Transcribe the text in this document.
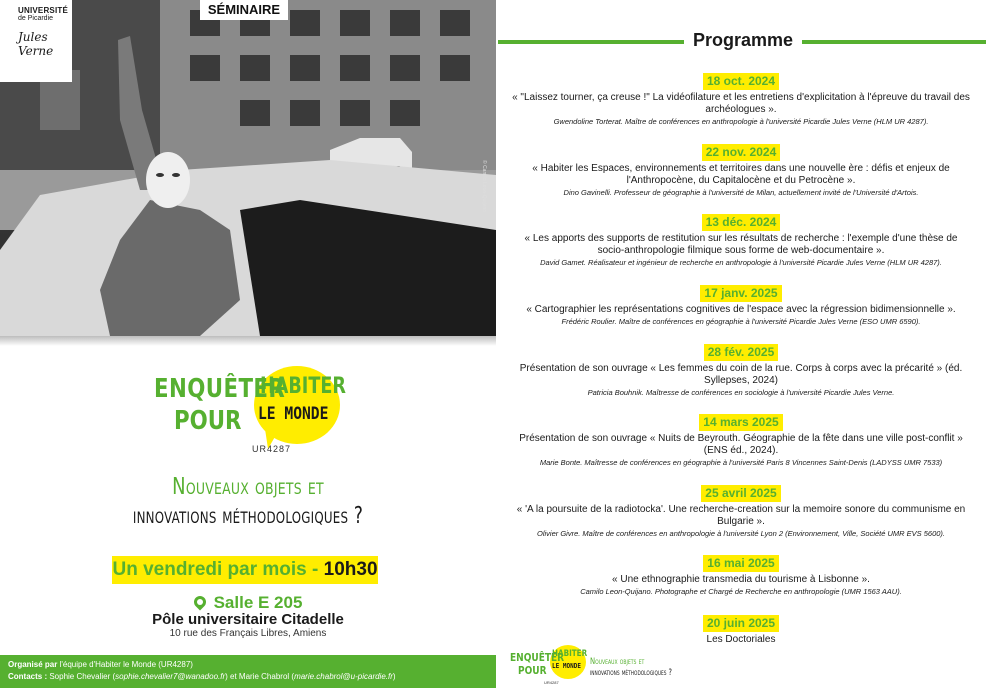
UNIVERSITÉ
de Picardie
Jules Verne
SÉMINAIRE
© Camilo Leon-Quijano
ENQUÊTER
POUR
HABITER
LE MONDE
UR4287
Nouveaux objets et
innovations méthodologiques ?
Un vendredi par mois - 10h30
Salle E 205
Pôle universitaire Citadelle
10 rue des Français Libres, Amiens
Organisé par l'équipe d'Habiter le Monde (UR4287)
Contacts : Sophie Chevalier (sophie.chevalier7@wanadoo.fr) et Marie Chabrol (marie.chabrol@u-picardie.fr)
Programme
18 oct. 2024
« "Laissez tourner, ça creuse !" La vidéofilature et les entretiens d'explicitation à l'épreuve du travail des archéologues ».
Gwendoline Torterat. Maître de conférences en anthropologie à l'université Picardie Jules Verne (HLM UR 4287).
22 nov. 2024
« Habiter les Espaces, environnements et territoires dans une nouvelle ère : défis et enjeux de l'Anthropocène, du Capitalocène et du Petrocène ».
Dino Gavinelli. Professeur de géographie à l'université de Milan, actuellement invité de l'Université d'Artois.
13 déc. 2024
« Les apports des supports de restitution sur les résultats de recherche : l'exemple d'une thèse de socio-anthropologie filmique sous forme de web-documentaire ».
David Gamet. Réalisateur et ingénieur de recherche en anthropologie à l'université Picardie Jules Verne (HLM UR 4287).
17 janv. 2025
« Cartographier les représentations cognitives de l'espace avec la régression bidimensionnelle ».
Frédéric Roulier. Maître de conférences en géographie à l'université Picardie Jules Verne (ESO UMR 6590).
28 fév. 2025
Présentation de son ouvrage « Les femmes du coin de la rue. Corps à corps avec la précarité » (éd. Syllepses, 2024)
Patricia Bouhnik. Maîtresse de conférences en sociologie à l'université Picardie Jules Verne.
14 mars 2025
Présentation de son ouvrage « Nuits de Beyrouth. Géographie de la fête dans une ville post-conflit » (ENS éd., 2024).
Marie Bonte. Maîtresse de conférences en géographie à l'université Paris 8 Vincennes Saint-Denis (LADYSS UMR 7533)
25 avril 2025
« 'A la poursuite de la radiotocka'. Une recherche-creation sur la memoire sonore du communisme en Bulgarie ».
Olivier Givre. Maître de conférences en anthropologie à l'université Lyon 2 (Environnement, Ville, Société UMR EVS 5600).
16 mai 2025
« Une ethnographie transmedia du tourisme à Lisbonne ».
Camilo Leon-Quijano. Photographe et Chargé de Recherche en anthropologie (UMR 1563 AAU).
20 juin 2025
Les Doctoriales
ENQUÊTER
POUR
HABITER
LE MONDE
UR4287
Nouveaux objets et
innovations méthodologiques ?
